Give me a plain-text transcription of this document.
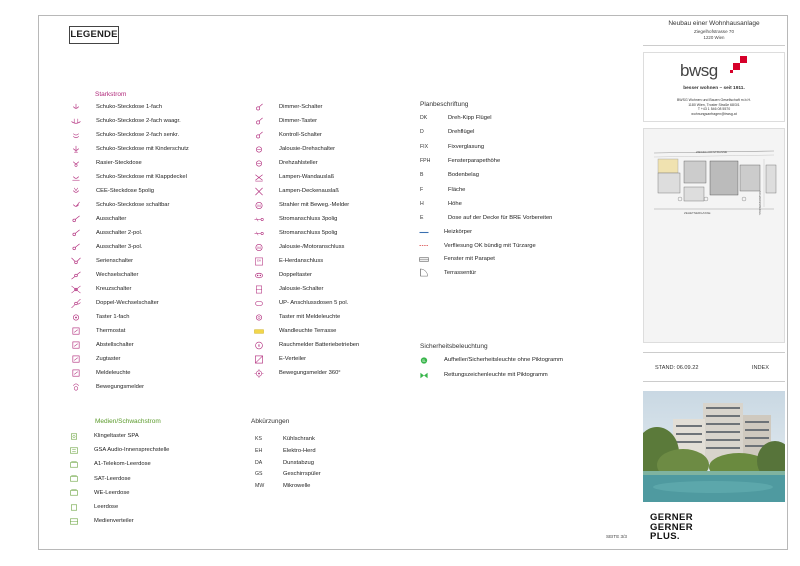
LEGENDE
Starkstrom
Planbeschriftung
Sicherheitsbeleuchtung
Medien/Schwachstrom	Abkürzungen
Schuko-Steckdose 1-fach
Schuko-Steckdose 2-fach waagr.
Schuko-Steckdose 2-fach senkr.
Schuko-Steckdose mit Kinderschutz
Rasier-Steckdose
Schuko-Steckdose mit Klappdeckel
CEE-Steckdose 5polig
Schuko-Steckdose schaltbar
Ausschalter
Ausschalter 2-pol.
Ausschalter 3-pol.
Serienschalter
Wechselschalter
Kreuzschalter
Doppel-Wechselschalter
Taster 1-fach
Thermostat
Abstellschalter
Zugtaster
Meldeleuchte
Bewegungsmelder
Dimmer-Schalter
Dimmer-Taster
Kontroll-Schalter
Jalousie-Drehschalter
Drehzahlsteller
Lampen-Wandauslaß
Lampen-Deckenauslaß
M	Strahler mit Beweg.-Melder
Stromanschluss 3polig
Stromanschluss 5polig
M	Jalousie-/Motoranschluss
EH	E-Herdanschluss
Doppeltaster
Jalousie-Schalter
UP- Anschlussdosen 5 pol.
Taster mit Meldeleuchte
Wandleuchte Terrasse
R	Rauchmelder Batteriebetrieben
E-Verteiler
Bewegungsmelder 360°
DK	Dreh-Kipp Flügel
D	Drehflügel
FIX	Fixverglasung
FPH	Fensterparapethöhe
B	Bodenbelag
F	Fläche
H	Höhe
E	Dose auf der Decke für BRE Vorbereiten
Heizkörper
Verfliesung OK bündig mit Türzarge
Fenster mit Parapet
Terrassentür
SL	Aufheller/Sicherheitsleuchte ohne Piktogramm
Rettungszeichenleuchte mit Piktogramm
Klingeltaster SPA
GSA Audio-Innensprechstelle
A1-Telekom-Leerdose
SAT-Leerdose
WE-Leerdose
Leerdose
Medienverteiler
KS	Kühlschrank
EH	Elektro-Herd
DA	Dunstabzug
GS	Geschirrspüler
MW	Mikrowelle
Neubau einer Wohnhausanlage
Ziegelhofstrasse 70
1220 Wien
bwsg
besser wohnen – seit 1911.
BWSG Wohnen und Bauen Gesellschaft m.b.H.
1180 Wien, Troster Straße 68/3/1
T +43 1 546 08 5570
wohnungsanfragen@bwsg.at
ZIEGELHOFSTRASSE
ZEHETNERGASSE	SCHARFENBERGG.
STAND: 06.09.22	INDEX
GERNER
GERNER
PLUS.
SEITE 3/3
